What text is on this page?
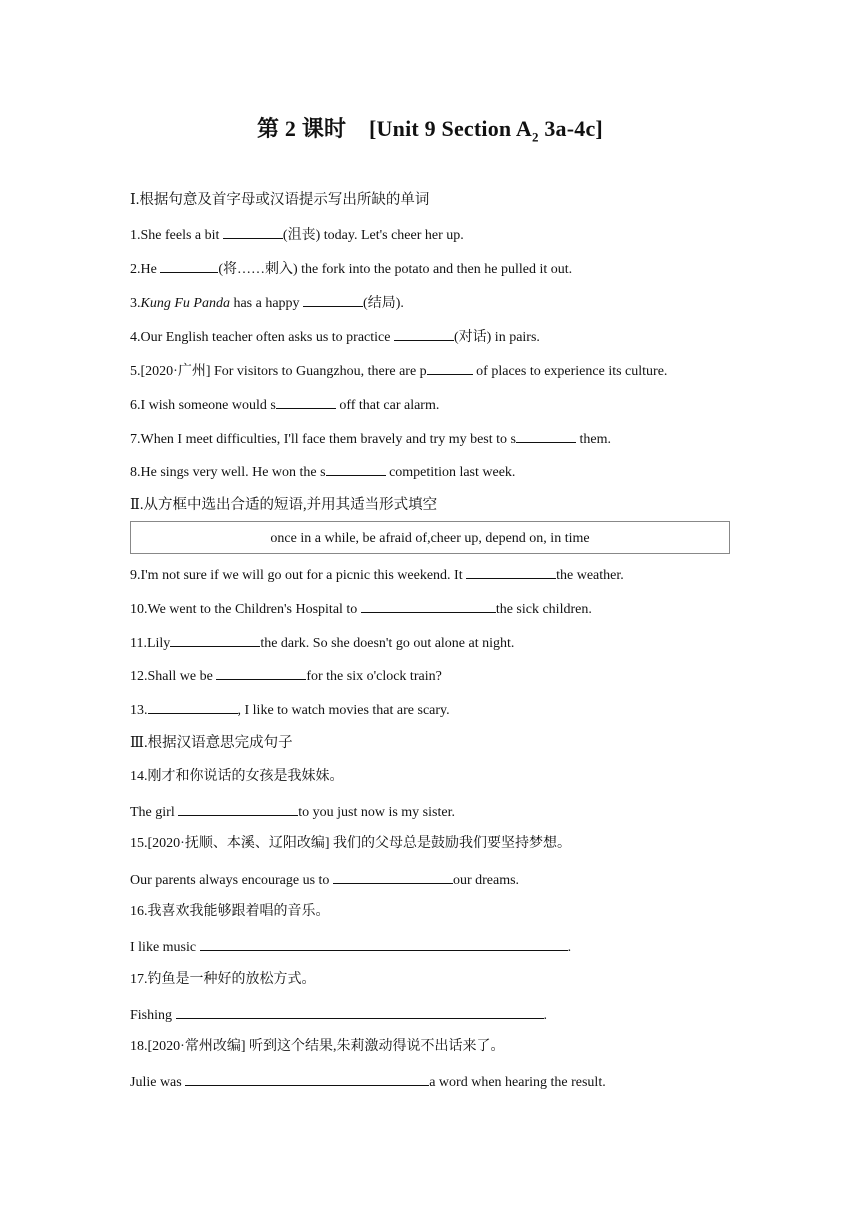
第 2 课时 [Unit 9 Section $A_2$ 3a-4c]
Ⅰ.根据句意及首字母或汉语提示写出所缺的单词
1.She feels a bit	(沮丧) today. Let's cheer her up.
2.He	(将……刺入) the fork into the potato and then he pulled it out.
3.Kung Fu Panda has a happy	(结局).
4.Our English teacher often asks us to practice	(对话) in pairs.
5.[2020·广州] For visitors to Guangzhou, there are p	of places to experience its culture.
6.I wish someone would s	off that car alarm.
7.When I meet difficulties, I'll face them bravely and try my best to s	them.
8.He sings very well. He won the s	competition last week.
Ⅱ.从方框中选出合适的短语,并用其适当形式填空
once in a while, be afraid of,cheer up, depend on, in time
9.I'm not sure if we will go out for a picnic this weekend. It	the weather.
10.We went to the Children's Hospital to	the sick children.
11.Lily	the dark. So she doesn't go out alone at night.
12.Shall we be	for the six o'clock train?
13.	, I like to watch movies that are scary.
Ⅲ.根据汉语意思完成句子
14.刚才和你说话的女孩是我妹妹。
The girl	to you just now is my sister.
15.[2020·抚顺、本溪、辽阳改编] 我们的父母总是鼓励我们要坚持梦想。
Our parents always encourage us to	our dreams.
16.我喜欢我能够跟着唱的音乐。
I like music	.
17.钓鱼是一种好的放松方式。
Fishing	.
18.[2020·常州改编] 听到这个结果,朱莉激动得说不出话来了。
Julie was	a word when hearing the result.
